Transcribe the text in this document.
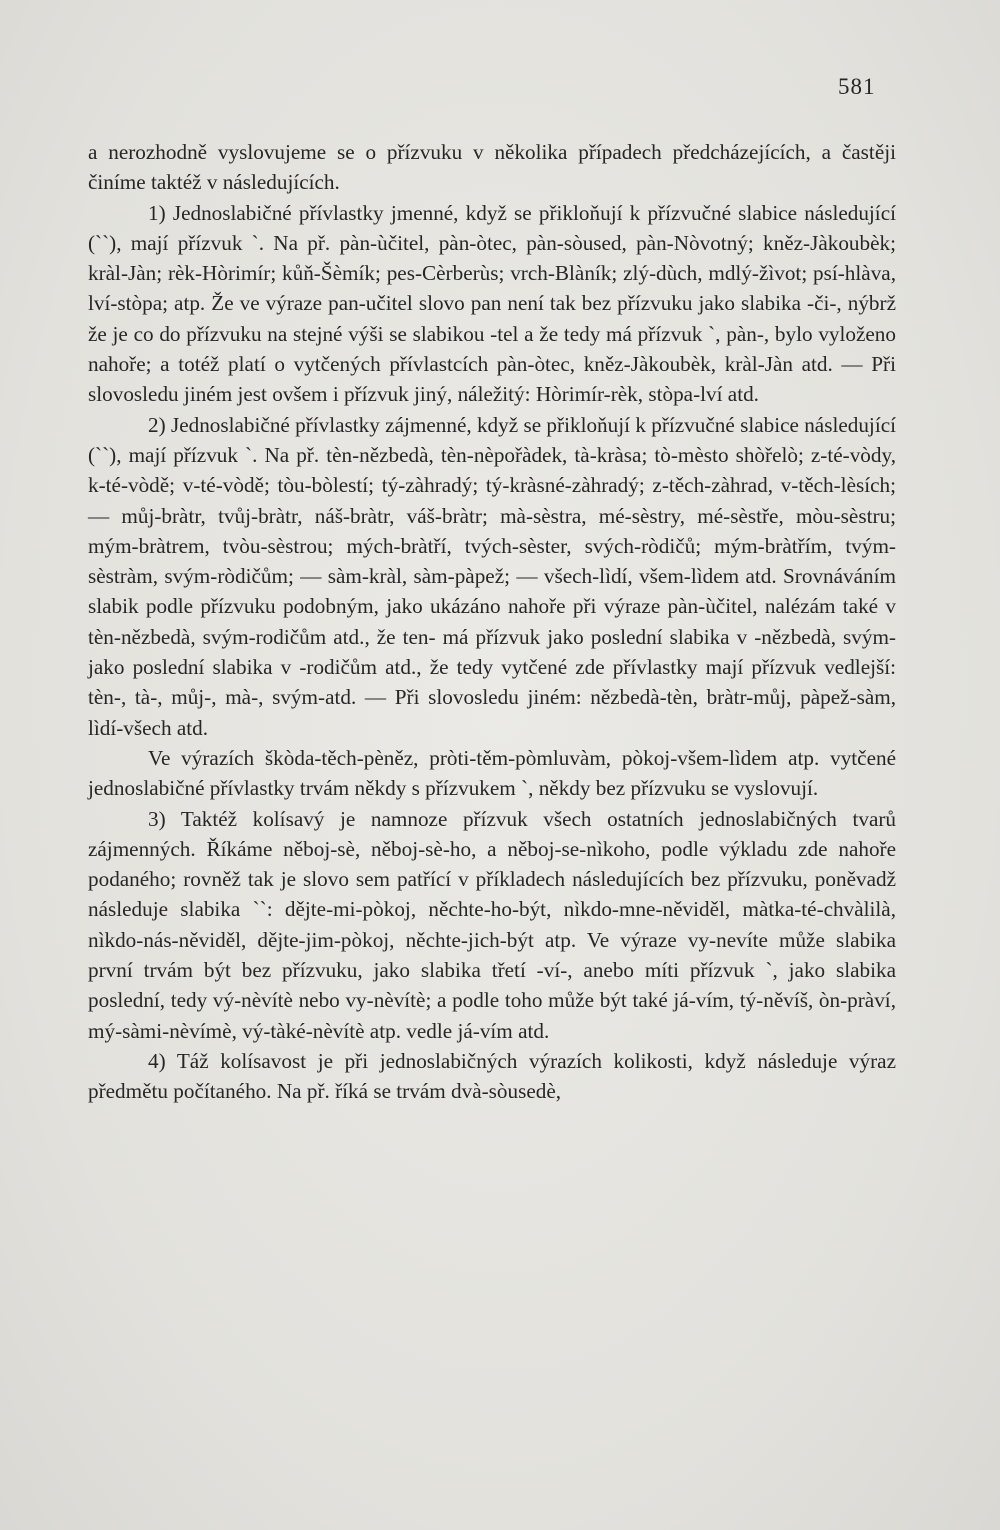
581

a nerozhodně vyslovujeme se o přízvuku v několika případech předcházejících, a častěji činíme taktéž v následujících.

1) Jednoslabičné přívlastky jmenné, když se přikloňují k přízvučné slabice následující (``), mají přízvuk `. Na př. pàn-ùčitel, pàn-òtec, pàn-sòused, pàn-Nòvotný; kněz-Jàkoubèk; kràl-Jàn; rèk-Hòrimír; kůň-Šèmík; pes-Cèrberùs; vrch-Blàník; zlý-dùch, mdlý-žìvot; psí-hlàva, lví-stòpa; atp. Že ve výraze pan-učitel slovo pan není tak bez přízvuku jako slabika -či-, nýbrž že je co do přízvuku na stejné výši se slabikou -tel a že tedy má přízvuk `, pàn-, bylo vyloženo nahoře; a totéž platí o vytčených přívlastcích pàn-òtec, kněz-Jàkoubèk, kràl-Jàn atd. — Při slovosledu jiném jest ovšem i přízvuk jiný, náležitý: Hòrimír-rèk, stòpa-lví atd.

2) Jednoslabičné přívlastky zájmenné, když se přikloňují k přízvučné slabice následující (``), mají přízvuk `. Na př. tèn-nězbedà, tèn-nèpořàdek, tà-kràsa; tò-mèsto shòřelò; z-té-vòdy, k-té-vòdě; v-té-vòdě; tòu-bòlestí; tý-zàhradý; tý-kràsné-zàhradý; z-těch-zàhrad, v-těch-lèsích; — můj-bràtr, tvůj-bràtr, náš-bràtr, váš-bràtr; mà-sèstra, mé-sèstry, mé-sèstře, mòu-sèstru; mým-bràtrem, tvòu-sèstrou; mých-bràtří, tvých-sèster, svých-ròdičů; mým-bràtřím, tvým-sèstràm, svým-ròdičům; — sàm-kràl, sàm-pàpež; — všech-lìdí, všem-lìdem atd. Srovnáváním slabik podle přízvuku podobným, jako ukázáno nahoře při výraze pàn-ùčitel, nalézám také v tèn-nězbedà, svým-rodičům atd., že ten- má přízvuk jako poslední slabika v -nězbedà, svým- jako poslední slabika v -rodičům atd., že tedy vytčené zde přívlastky mají přízvuk vedlejší: tèn-, tà-, můj-, mà-, svým-atd. — Při slovosledu jiném: nězbedà-tèn, bràtr-můj, pàpež-sàm, lìdí-všech atd.

Ve výrazích škòda-těch-pèněz, pròti-těm-pòmluvàm, pòkoj-všem-lìdem atp. vytčené jednoslabičné přívlastky trvám někdy s přízvukem `, někdy bez přízvuku se vyslovují.

3) Taktéž kolísavý je namnoze přízvuk všech ostatních jednoslabičných tvarů zájmenných. Říkáme něboj-sè, něboj-sè-ho, a něboj-se-nìkoho, podle výkladu zde nahoře podaného; rovněž tak je slovo sem patřící v příkladech následujících bez přízvuku, poněvadž následuje slabika ``: dějte-mi-pòkoj, něchte-ho-být, nìkdo-mne-něviděl, màtka-té-chvàlilà, nìkdo-nás-něviděl, dějte-jim-pòkoj, něchte-jich-být atp. Ve výraze vy-nevíte může slabika první trvám být bez přízvuku, jako slabika třetí -ví-, anebo míti přízvuk `, jako slabika poslední, tedy vý-nèvítè nebo vy-nèvítè; a podle toho může být také já-vím, tý-něvíš, òn-pràví, mý-sàmi-nèvímè, vý-tàké-nèvítè atp. vedle já-vím atd.

4) Táž kolísavost je při jednoslabičných výrazích kolikosti, když následuje výraz předmětu počítaného. Na př. říká se trvám dvà-sòusedè,
